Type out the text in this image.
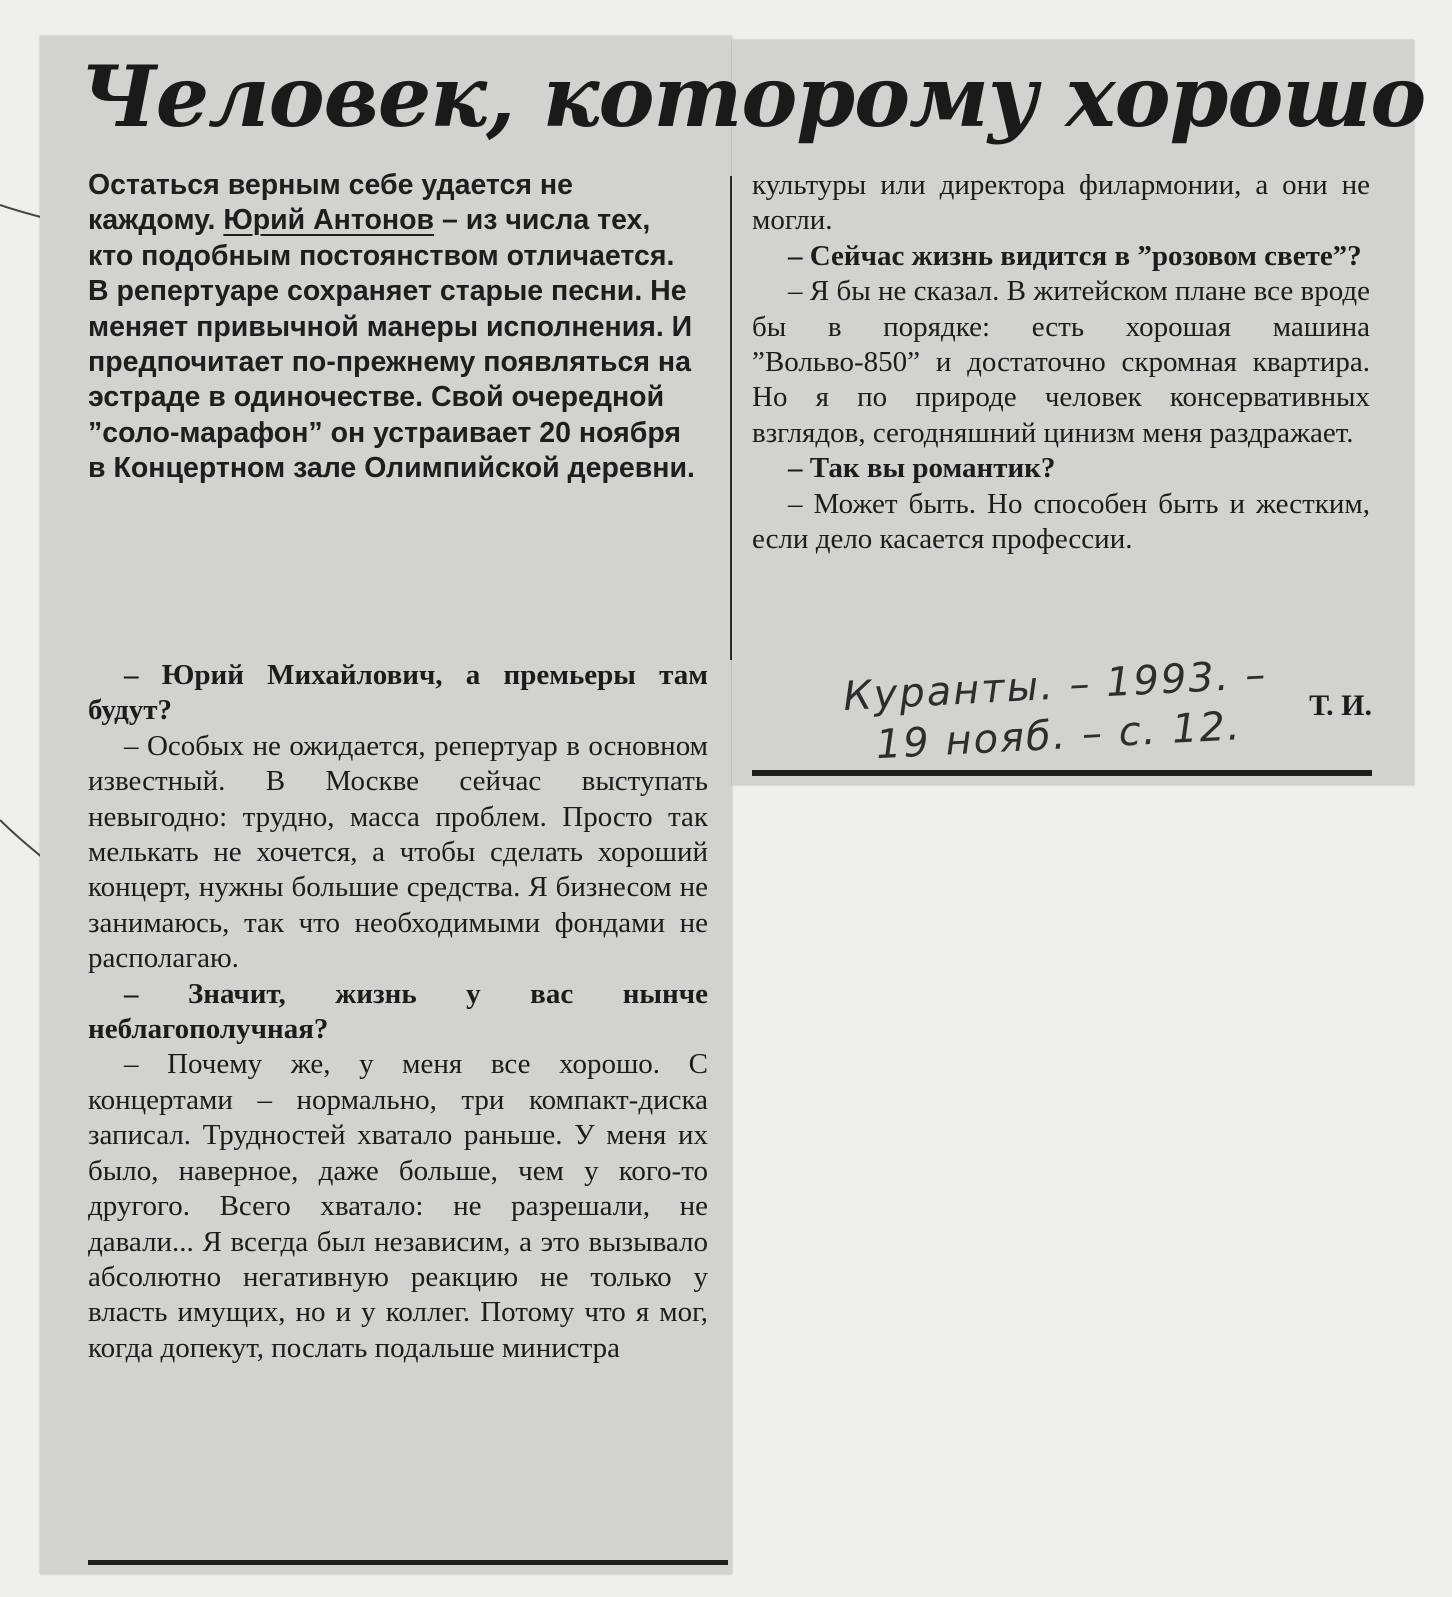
Человек, которому хорошо

Остаться верным себе удается не каждому. Юрий Антонов – из числа тех, кто подобным постоянством отличается. В репертуаре сохраняет старые песни. Не меняет привычной манеры исполнения. И предпочитает по-прежнему появляться на эстраде в одиночестве. Свой очередной ”соло-марафон” он устраивает 20 ноября в Концертном зале Олимпийской деревни.

– Юрий Михайлович, а премьеры там будут?

– Особых не ожидается, репертуар в основном известный. В Москве сейчас выступать невыгодно: трудно, масса проблем. Просто так мелькать не хочется, а чтобы сделать хороший концерт, нужны большие средства. Я бизнесом не занимаюсь, так что необходимыми фондами не располагаю.

– Значит, жизнь у вас нынче неблагополучная?

– Почему же, у меня все хорошо. С концертами – нормально, три компакт-диска записал. Трудностей хватало раньше. У меня их было, наверное, даже больше, чем у кого-то другого. Всего хватало: не разрешали, не давали... Я всегда был независим, а это вызывало абсолютно негативную реакцию не только у власть имущих, но и у коллег. Потому что я мог, когда допекут, послать подальше министра

культуры или директора филармонии, а они не могли.

– Сейчас жизнь видится в ”розовом свете”?

– Я бы не сказал. В житейском плане все вроде бы в порядке: есть хорошая машина ”Вольво-850” и достаточно скромная квартира. Но я по природе человек консервативных взглядов, сегодняшний цинизм меня раздражает.

– Так вы романтик?

– Может быть. Но способен быть и жестким, если дело касается профессии.

Куранты. – 1993. –
19 нояб. – с. 12.	Т. И.
